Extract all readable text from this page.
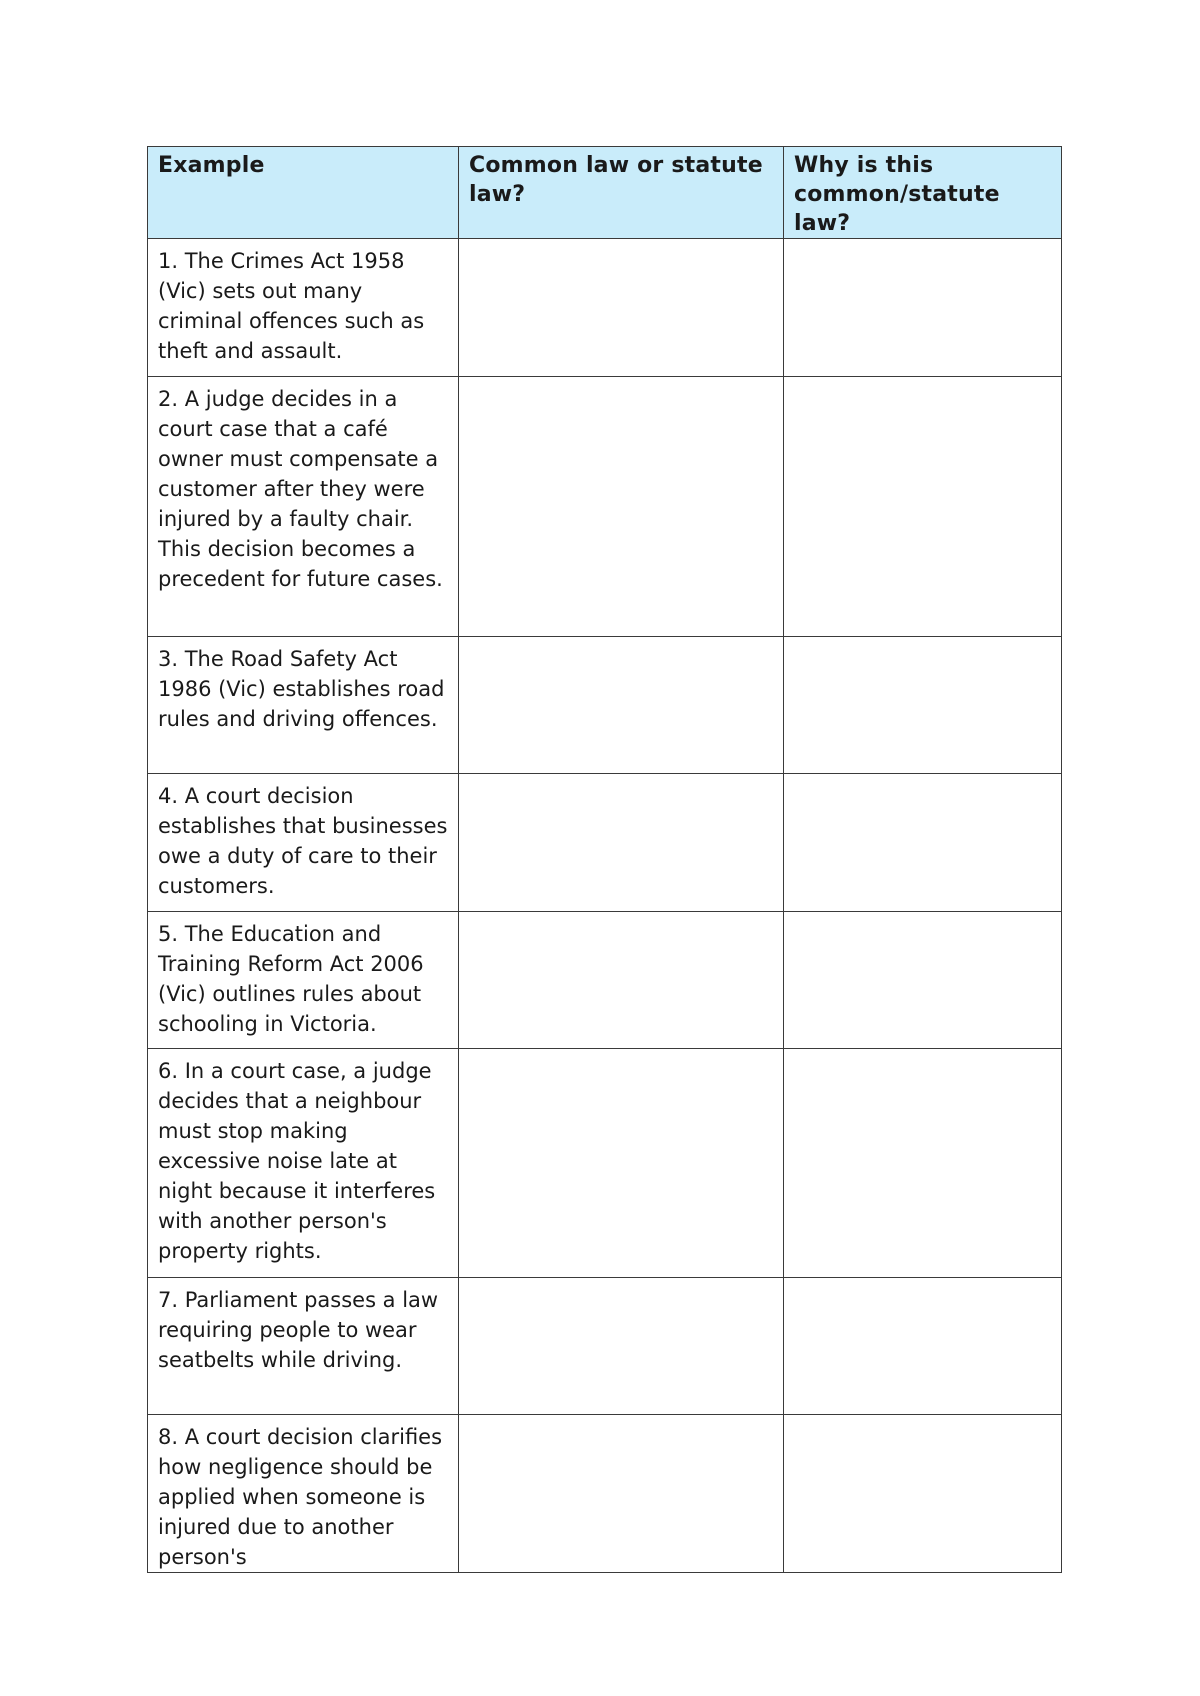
Example	Common law or statute law?	Why is this common/statute law?
1. The Crimes Act 1958 (Vic) sets out many criminal offences such as theft and assault.		
2. A judge decides in a court case that a café owner must compensate a customer after they were injured by a faulty chair. This decision becomes a precedent for future cases.		
3. The Road Safety Act 1986 (Vic) establishes road rules and driving offences.		
4. A court decision establishes that businesses owe a duty of care to their customers.		
5. The Education and Training Reform Act 2006 (Vic) outlines rules about schooling in Victoria.		
6. In a court case, a judge decides that a neighbour must stop making excessive noise late at night because it interferes with another person's property rights.		
7. Parliament passes a law requiring people to wear seatbelts while driving.		
8. A court decision clarifies how negligence should be applied when someone is injured due to another person's		
